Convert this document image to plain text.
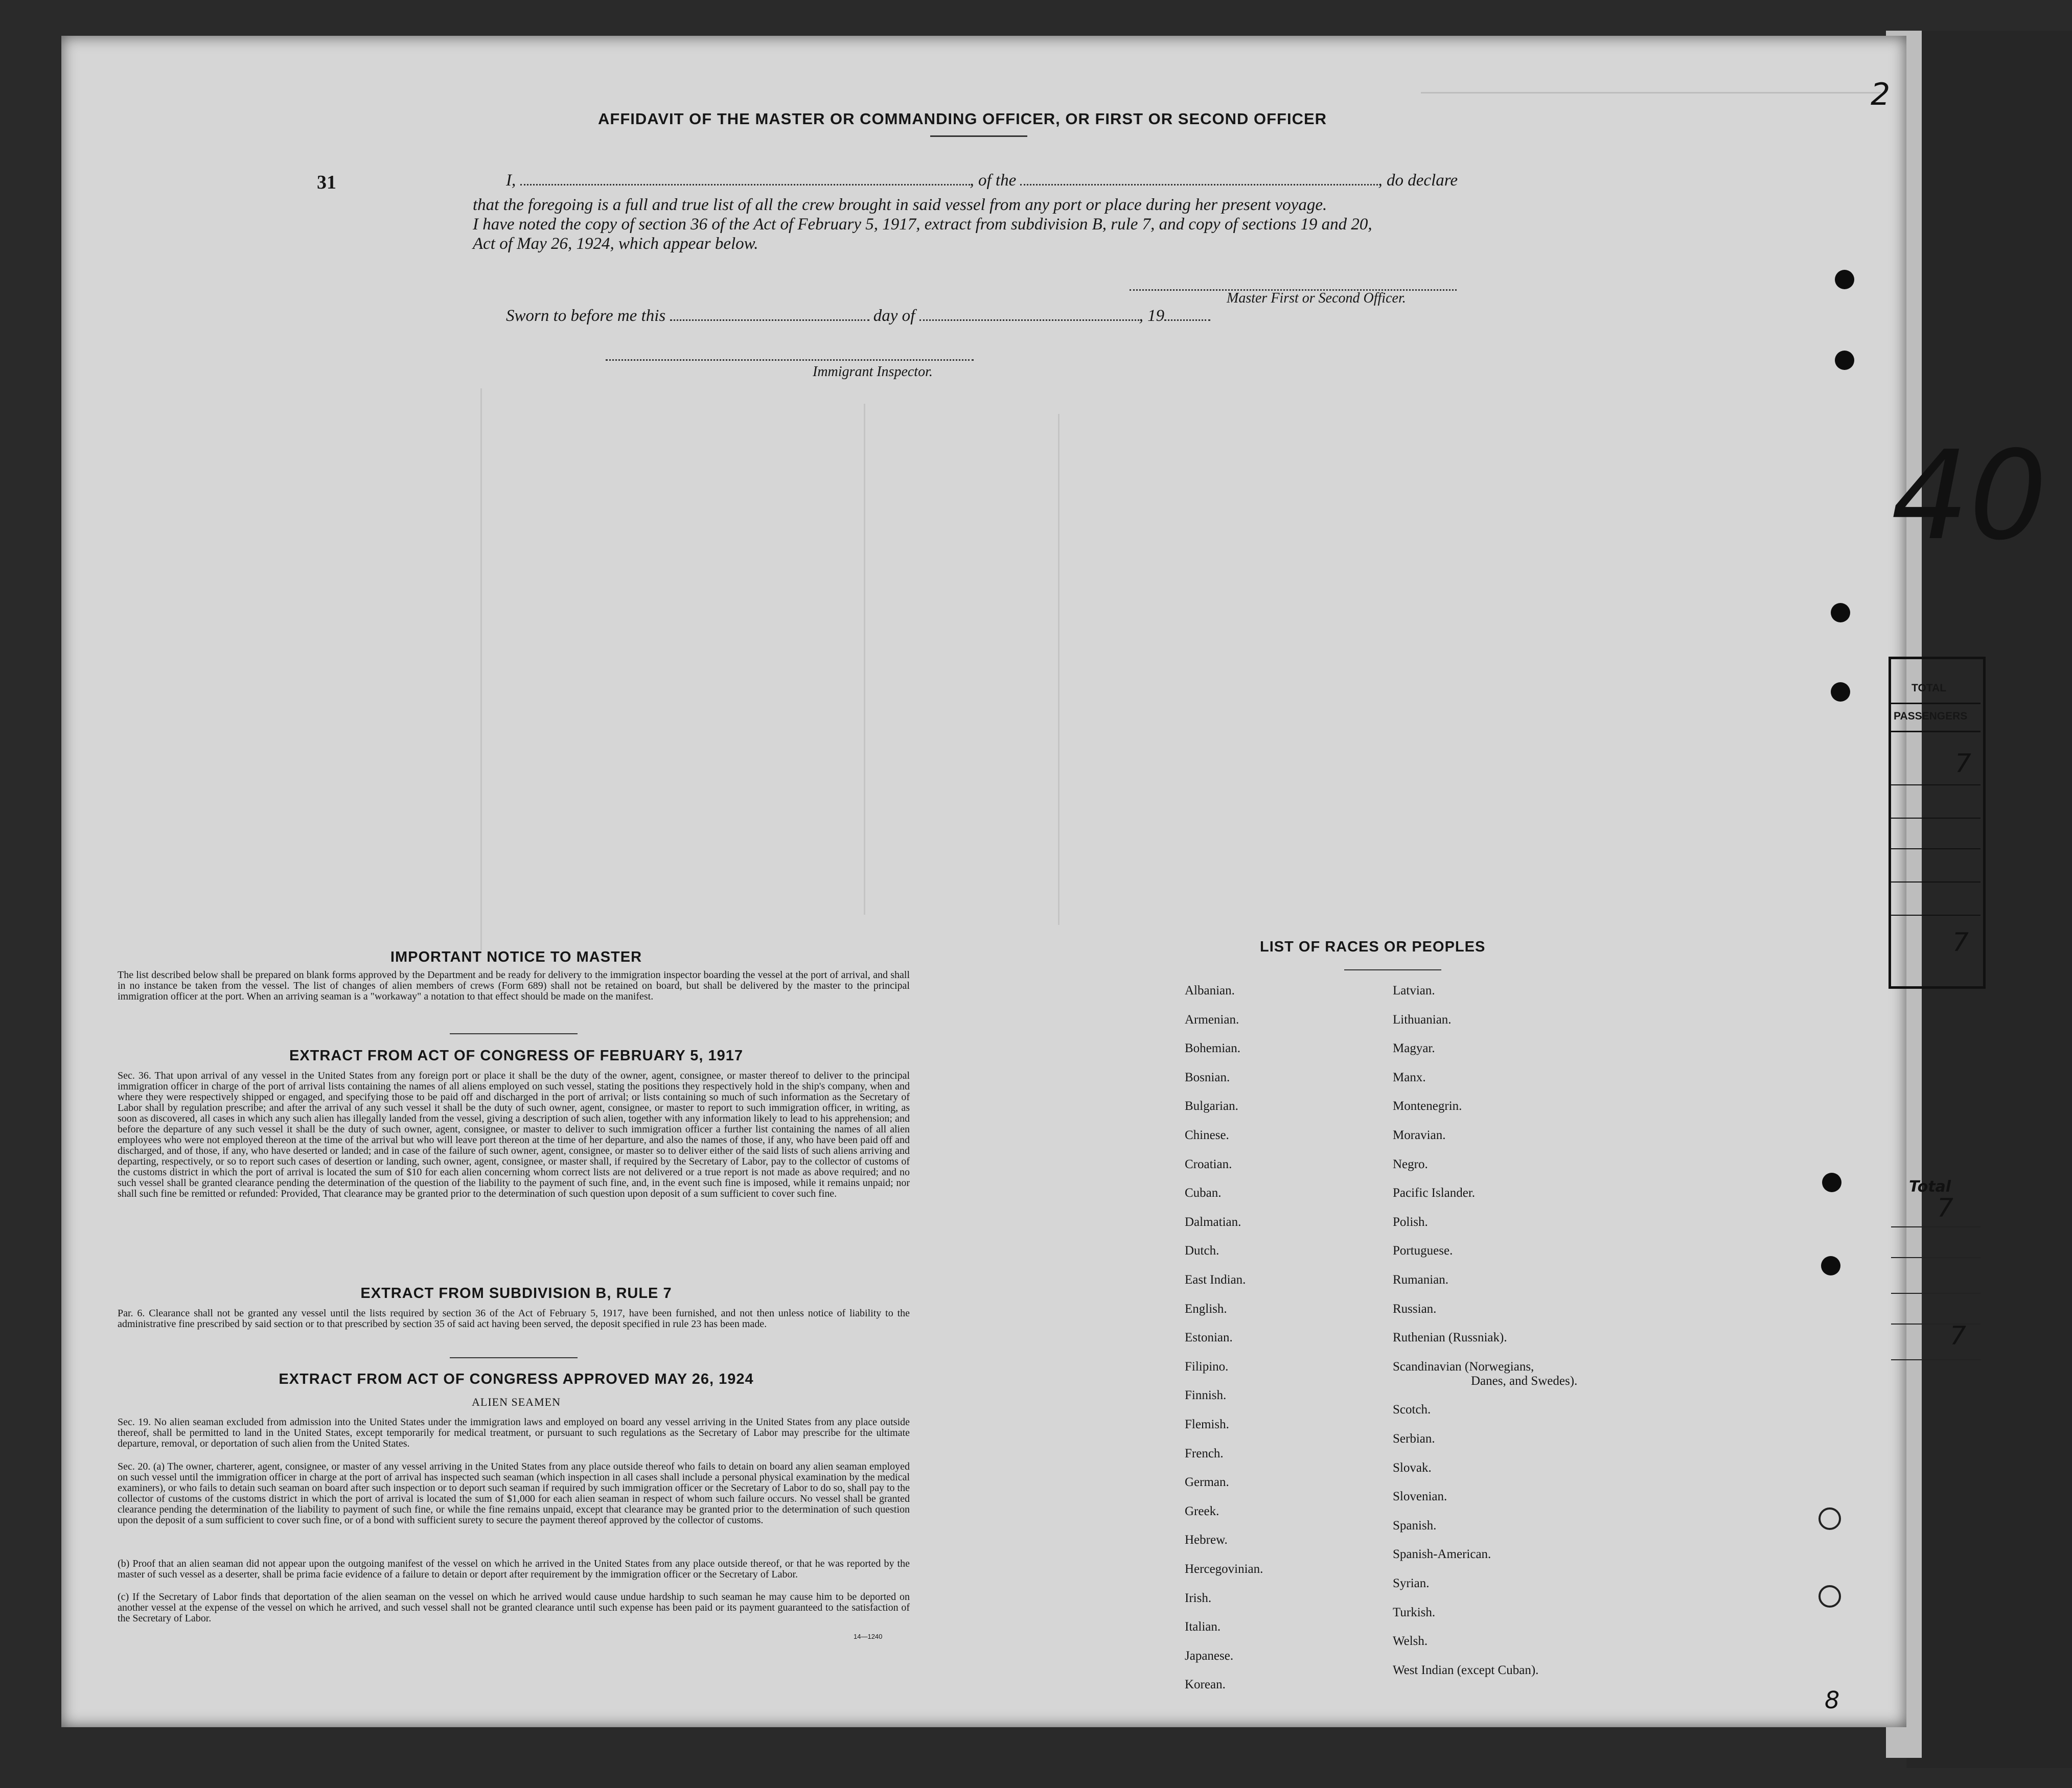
AFFIDAVIT OF THE MASTER OR COMMANDING OFFICER, OR FIRST OR SECOND OFFICER
31	I,	, of the	, do declare
that the foregoing is a full and true list of all the crew brought in said vessel from any port or place during her present voyage.
I have noted the copy of section 36 of the Act of February 5, 1917, extract from subdivision B, rule 7, and copy of sections 19 and 20,
Act of May 26, 1924, which appear below.
Master First or Second Officer.
Sworn to before me this	day of	, 19
Immigrant Inspector.
IMPORTANT NOTICE TO MASTER
The list described below shall be prepared on blank forms approved by the Department and be ready for delivery to the immigration inspector boarding the vessel at the port of arrival, and shall in no instance be taken from the vessel. The list of changes of alien members of crews (Form 689) shall not be retained on board, but shall be delivered by the master to the principal immigration officer at the port. When an arriving seaman is a "workaway" a notation to that effect should be made on the manifest.
EXTRACT FROM ACT OF CONGRESS OF FEBRUARY 5, 1917
Sec. 36. That upon arrival of any vessel in the United States from any foreign port or place it shall be the duty of the owner, agent, consignee, or master thereof to deliver to the principal immigration officer in charge of the port of arrival lists containing the names of all aliens employed on such vessel, stating the positions they respectively hold in the ship's company, when and where they were respectively shipped or engaged, and specifying those to be paid off and discharged in the port of arrival; or lists containing so much of such information as the Secretary of Labor shall by regulation prescribe; and after the arrival of any such vessel it shall be the duty of such owner, agent, consignee, or master to report to such immigration officer, in writing, as soon as discovered, all cases in which any such alien has illegally landed from the vessel, giving a description of such alien, together with any information likely to lead to his apprehension; and before the departure of any such vessel it shall be the duty of such owner, agent, consignee, or master to deliver to such immigration officer a further list containing the names of all alien employees who were not employed thereon at the time of the arrival but who will leave port thereon at the time of her departure, and also the names of those, if any, who have been paid off and discharged, and of those, if any, who have deserted or landed; and in case of the failure of such owner, agent, consignee, or master so to deliver either of the said lists of such aliens arriving and departing, respectively, or so to report such cases of desertion or landing, such owner, agent, consignee, or master shall, if required by the Secretary of Labor, pay to the collector of customs of the customs district in which the port of arrival is located the sum of $10 for each alien concerning whom correct lists are not delivered or a true report is not made as above required; and no such vessel shall be granted clearance pending the determination of the question of the liability to the payment of such fine, and, in the event such fine is imposed, while it remains unpaid; nor shall such fine be remitted or refunded: Provided, That clearance may be granted prior to the determination of such question upon deposit of a sum sufficient to cover such fine.
EXTRACT FROM SUBDIVISION B, RULE 7
Par. 6. Clearance shall not be granted any vessel until the lists required by section 36 of the Act of February 5, 1917, have been furnished, and not then unless notice of liability to the administrative fine prescribed by said section or to that prescribed by section 35 of said act having been served, the deposit specified in rule 23 has been made.
EXTRACT FROM ACT OF CONGRESS APPROVED MAY 26, 1924
ALIEN SEAMEN
Sec. 19. No alien seaman excluded from admission into the United States under the immigration laws and employed on board any vessel arriving in the United States from any place outside thereof, shall be permitted to land in the United States, except temporarily for medical treatment, or pursuant to such regulations as the Secretary of Labor may prescribe for the ultimate departure, removal, or deportation of such alien from the United States.
Sec. 20. (a) The owner, charterer, agent, consignee, or master of any vessel arriving in the United States from any place outside thereof who fails to detain on board any alien seaman employed on such vessel until the immigration officer in charge at the port of arrival has inspected such seaman (which inspection in all cases shall include a personal physical examination by the medical examiners), or who fails to detain such seaman on board after such inspection or to deport such seaman if required by such immigration officer or the Secretary of Labor to do so, shall pay to the collector of customs of the customs district in which the port of arrival is located the sum of $1,000 for each alien seaman in respect of whom such failure occurs. No vessel shall be granted clearance pending the determination of the liability to payment of such fine, or while the fine remains unpaid, except that clearance may be granted prior to the determination of such question upon the deposit of a sum sufficient to cover such fine, or of a bond with sufficient surety to secure the payment thereof approved by the collector of customs.
(b) Proof that an alien seaman did not appear upon the outgoing manifest of the vessel on which he arrived in the United States from any place outside thereof, or that he was reported by the master of such vessel as a deserter, shall be prima facie evidence of a failure to detain or deport after requirement by the immigration officer or the Secretary of Labor.
(c) If the Secretary of Labor finds that deportation of the alien seaman on the vessel on which he arrived would cause undue hardship to such seaman he may cause him to be deported on another vessel at the expense of the vessel on which he arrived, and such vessel shall not be granted clearance until such expense has been paid or its payment guaranteed to the satisfaction of the Secretary of Labor.
14—1240
LIST OF RACES OR PEOPLES
Albanian.
Armenian.
Bohemian.
Bosnian.
Bulgarian.
Chinese.
Croatian.
Cuban.
Dalmatian.
Dutch.
East Indian.
English.
Estonian.
Filipino.
Finnish.
Flemish.
French.
German.
Greek.
Hebrew.
Hercegovinian.
Irish.
Italian.
Japanese.
Korean.
Latvian.
Lithuanian.
Magyar.
Manx.
Montenegrin.
Moravian.
Negro.
Pacific Islander.
Polish.
Portuguese.
Rumanian.
Russian.
Ruthenian (Russniak).
Scandinavian (Norwegians,
Danes, and Swedes).
Scotch.
Serbian.
Slovak.
Slovenian.
Spanish.
Spanish-American.
Syrian.
Turkish.
Welsh.
West Indian (except Cuban).
2
40
TOTAL
PASSENGERS
7
7
Total
7
7
8
